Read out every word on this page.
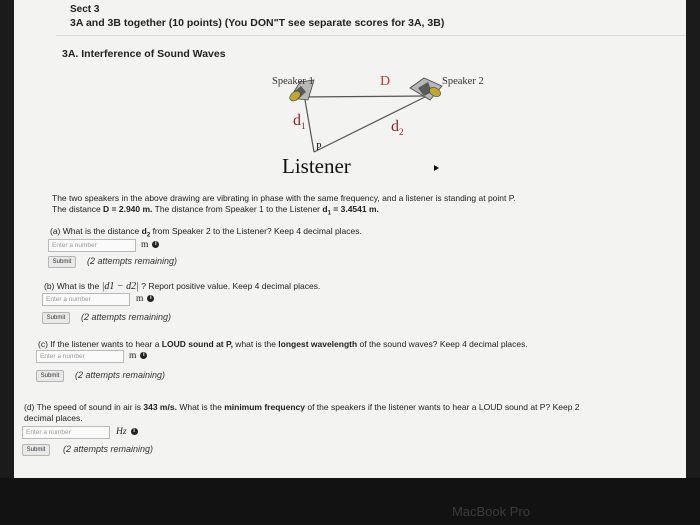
Sect 3
3A and 3B together (10 points) (You DON"T see separate scores for 3A, 3B)
3A. Interference of Sound Waves
Speaker 1	Speaker 2
D
$d_1$	$d_2$
P
Listener
The two speakers in the above drawing are vibrating in phase with the same frequency, and a listener is standing at point P.
The distance D = 2.940 m. The distance from Speaker 1 to the Listener $d_1 = 3.4541$ m.
(a) What is the distance $d_2$ from Speaker 2 to the Listener? Keep 4 decimal places.
Enter a number	m i
Submit	(2 attempts remaining)
(b) What is the |d1 − d2| ? Report positive value. Keep 4 decimal places.
Enter a number	m i
Submit	(2 attempts remaining)
(c) If the listener wants to hear a LOUD sound at P, what is the longest wavelength of the sound waves? Keep 4 decimal places.
Enter a number	m i
Submit	(2 attempts remaining)
(d) The speed of sound in air is 343 m/s. What is the minimum frequency of the speakers if the listener wants to hear a LOUD sound at P? Keep 2
decimal places.
Enter a number	Hz i
Submit	(2 attempts remaining)
MacBook Pro
